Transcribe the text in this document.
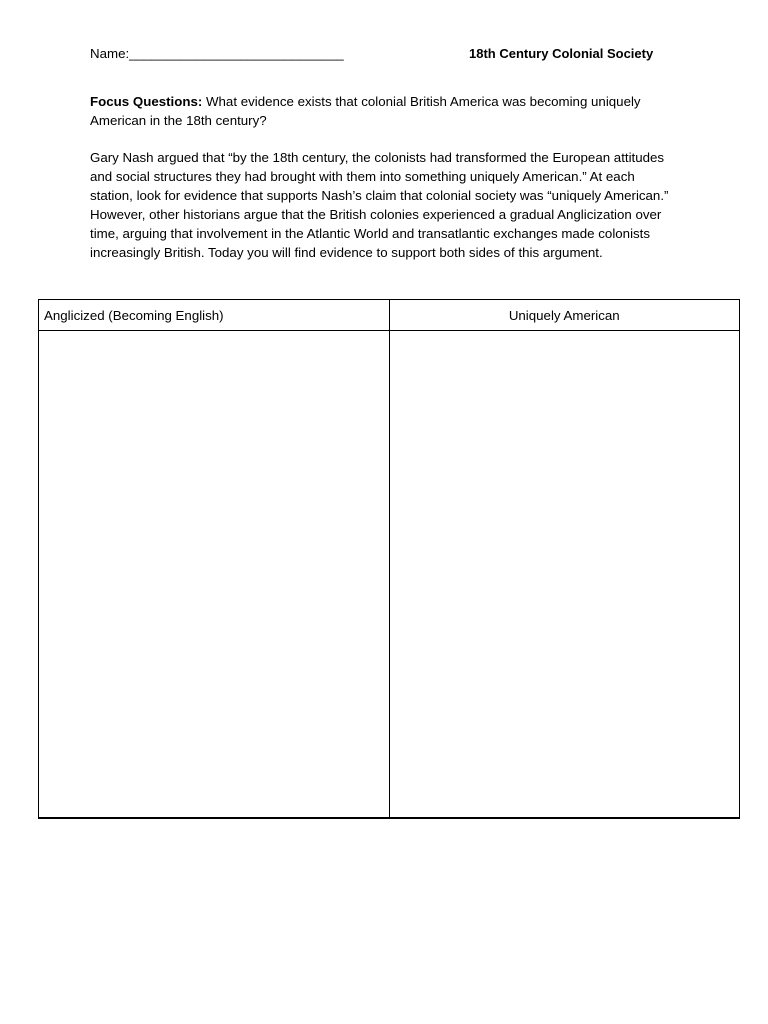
Name:_____________________________	18th Century Colonial Society
Focus Questions: What evidence exists that colonial British America was becoming uniquely American in the 18th century?
Gary Nash argued that “by the 18th century, the colonists had transformed the European attitudes and social structures they had brought with them into something uniquely American.” At each station, look for evidence that supports Nash’s claim that colonial society was “uniquely American.” However, other historians argue that the British colonies experienced a gradual Anglicization over time, arguing that involvement in the Atlantic World and transatlantic exchanges made colonists increasingly British. Today you will find evidence to support both sides of this argument.
Anglicized (Becoming English)	Uniquely American
